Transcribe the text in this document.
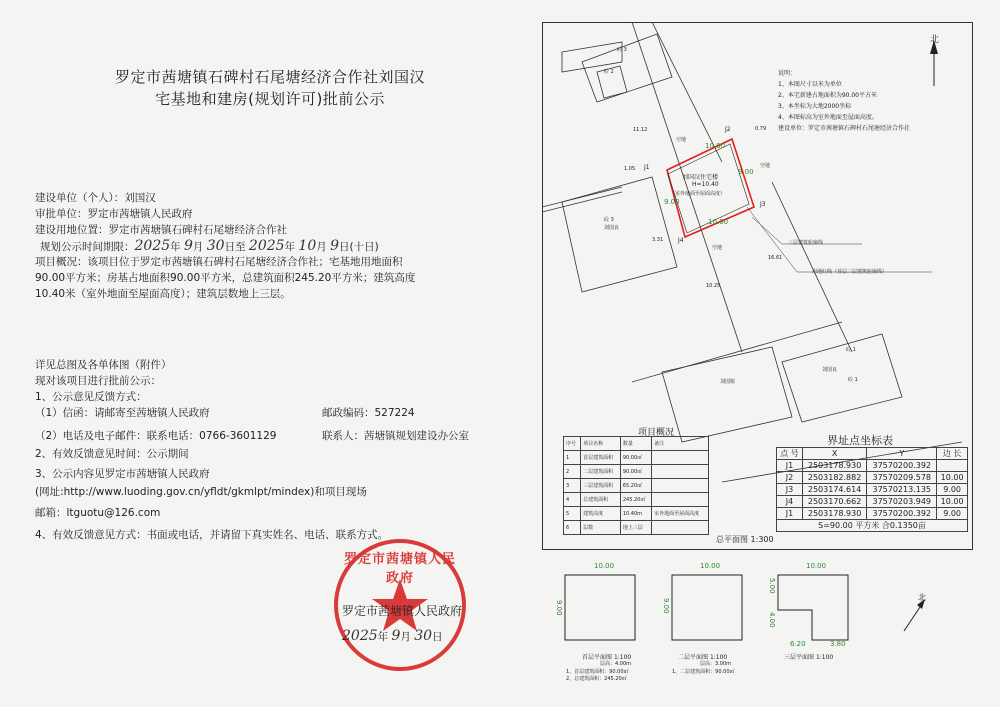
罗定市茜塘镇石碑村石尾塘经济合作社刘国汉
宅基地和建房(规划许可)批前公示
建设单位（个人）：刘国汉
审批单位：罗定市茜塘镇人民政府
建设用地位置：罗定市茜塘镇石碑村石尾塘经济合作社
规划公示时间期限：2025年 9月 30日至 2025年 10月 9日(十日)
项目概况：该项目位于罗定市茜塘镇石碑村石尾塘经济合作社；宅基地用地面积
90.00平方米；房基占地面积90.00平方米，总建筑面积245.20平方米；建筑高度
10.40米（室外地面至屋面高度）；建筑层数地上三层。
详见总图及各单体图（附件）
现对该项目进行批前公示：
1、公示意见反馈方式：
（1）信函：请邮寄至茜塘镇人民政府	邮政编码：527224
（2）电话及电子邮件：联系电话：0766-3601129	联系人：茜塘镇规划建设办公室
2、有效反馈意见时间：公示期间
3、公示内容见罗定市茜塘镇人民政府
(网址:http://www.luoding.gov.cn/yfldt/gkmlpt/mindex)和项目现场
邮箱：ltguotu@126.com
4、有效反馈意见方式：书面或电话，并请留下真实姓名、电话、联系方式。
罗定市茜塘镇人民政府
罗定市茜塘镇人民政府
2025年 9月 30日
北
说明：
1、本图尺寸以米为单位
2、本宅新建占地面积为90.00平方米
3、本坐标为大地2000坐标
4、本图标高为室外地面至屋面高度。
建设单位：罗定市茜塘镇石碑村石尾塘经济合作社
刘国汉住宅楼
H=10.40
（室外地面至屋面高度）
J1
J2
J3
J4
10.00
9.00
10.00
9.00
砼 3
砼 2
砼 3
刘国良
刘国锐
刘国良
砼 1
砼 1
空地
空地
空地
11.12	0.79
1.05
3.31
16.61
10.25
三层建筑轮廓线
用地红线（首层二层建筑轮廓线）
项目概况
序号	项目名称	数量	备注
1	首层建筑面积	90.00㎡	
2	二层建筑面积	90.00㎡	
3	三层建筑面积	65.20㎡	
4	总建筑面积	245.20㎡	
5	建筑高度	10.40m	室外地面至屋面高度
6	层数	地上三层	
界址点坐标表
点 号	X	Y	边 长
J1	2503178.930	37570200.392	
J2	2503182.882	37570209.578	10.00
J3	2503174.614	37570213.135	9.00
J4	2503170.662	37570203.949	10.00
J1	2503178.930	37570200.392	9.00
S=90.00 平方米 合0.1350亩			
总平面图 1:300
10.00
9.00
10.00
9.00
10.00
5.00
4.00
6.20	3.80
首层平面图 1:100
层高：4.00m
1、首层建筑面积：90.00㎡
2、总建筑面积：245.20㎡
二层平面图 1:100
层高：3.00m
1、二层建筑面积：90.00㎡
三层平面图 1:100
北
